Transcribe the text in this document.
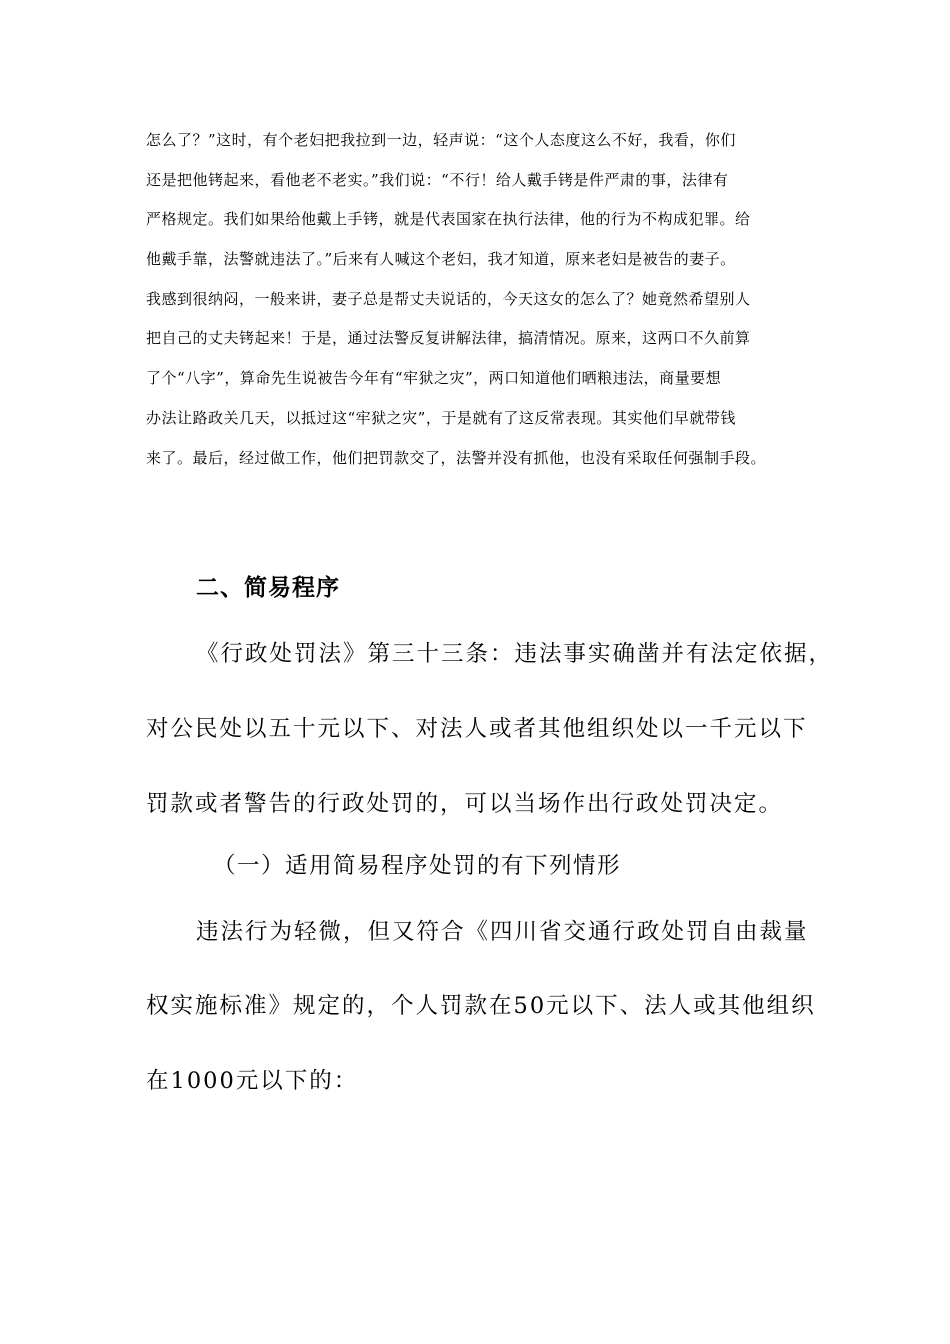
怎么了？”这时，有个老妇把我拉到一边，轻声说：“这个人态度这么不好，我看，你们
还是把他铐起来，看他老不老实。”我们说：“不行！给人戴手铐是件严肃的事，法律有
严格规定。我们如果给他戴上手铐，就是代表国家在执行法律，他的行为不构成犯罪。给
他戴手靠，法警就违法了。”后来有人喊这个老妇，我才知道，原来老妇是被告的妻子。
我感到很纳闷，一般来讲，妻子总是帮丈夫说话的，今天这女的怎么了？她竟然希望别人
把自己的丈夫铐起来！于是，通过法警反复讲解法律，搞清情况。原来，这两口不久前算
了个“八字”，算命先生说被告今年有“牢狱之灾”，两口知道他们晒粮违法，商量要想
办法让路政关几天，以抵过这“牢狱之灾”，于是就有了这反常表现。其实他们早就带钱
来了。最后，经过做工作，他们把罚款交了，法警并没有抓他，也没有采取任何强制手段。
二、简易程序
《行政处罚法》第三十三条：违法事实确凿并有法定依据，
对公民处以五十元以下、对法人或者其他组织处以一千元以下
罚款或者警告的行政处罚的，可以当场作出行政处罚决定。
（一）适用简易程序处罚的有下列情形
违法行为轻微，但又符合《四川省交通行政处罚自由裁量
权实施标准》规定的，个人罚款在50元以下、法人或其他组织
在1000元以下的：
